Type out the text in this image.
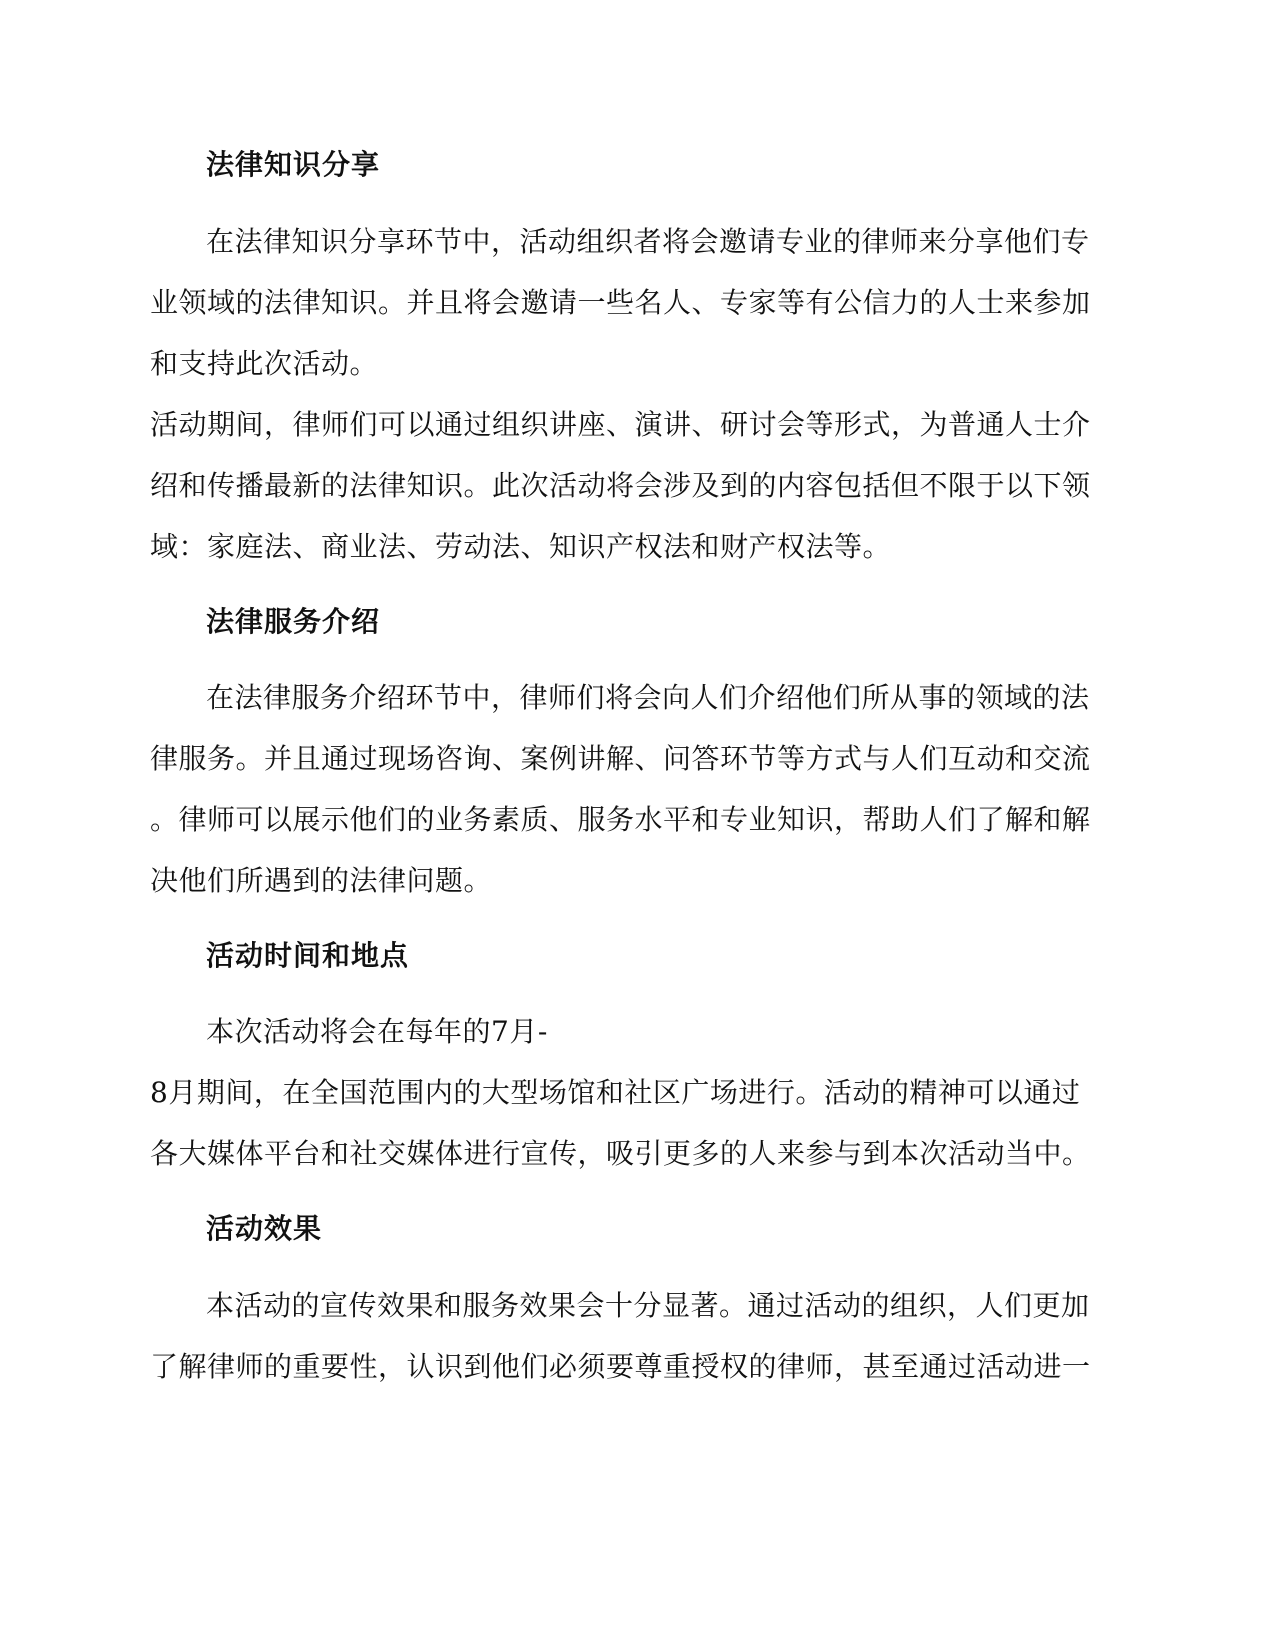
法律知识分享
在法律知识分享环节中，活动组织者将会邀请专业的律师来分享他们专
业领域的法律知识。并且将会邀请一些名人、专家等有公信力的人士来参加
和支持此次活动。
活动期间，律师们可以通过组织讲座、演讲、研讨会等形式，为普通人士介
绍和传播最新的法律知识。此次活动将会涉及到的内容包括但不限于以下领
域：家庭法、商业法、劳动法、知识产权法和财产权法等。
法律服务介绍
在法律服务介绍环节中，律师们将会向人们介绍他们所从事的领域的法
律服务。并且通过现场咨询、案例讲解、问答环节等方式与人们互动和交流
。律师可以展示他们的业务素质、服务水平和专业知识，帮助人们了解和解
决他们所遇到的法律问题。
活动时间和地点
本次活动将会在每年的7月-
8月期间，在全国范围内的大型场馆和社区广场进行。活动的精神可以通过
各大媒体平台和社交媒体进行宣传，吸引更多的人来参与到本次活动当中。
活动效果
本活动的宣传效果和服务效果会十分显著。通过活动的组织，人们更加
了解律师的重要性，认识到他们必须要尊重授权的律师，甚至通过活动进一
